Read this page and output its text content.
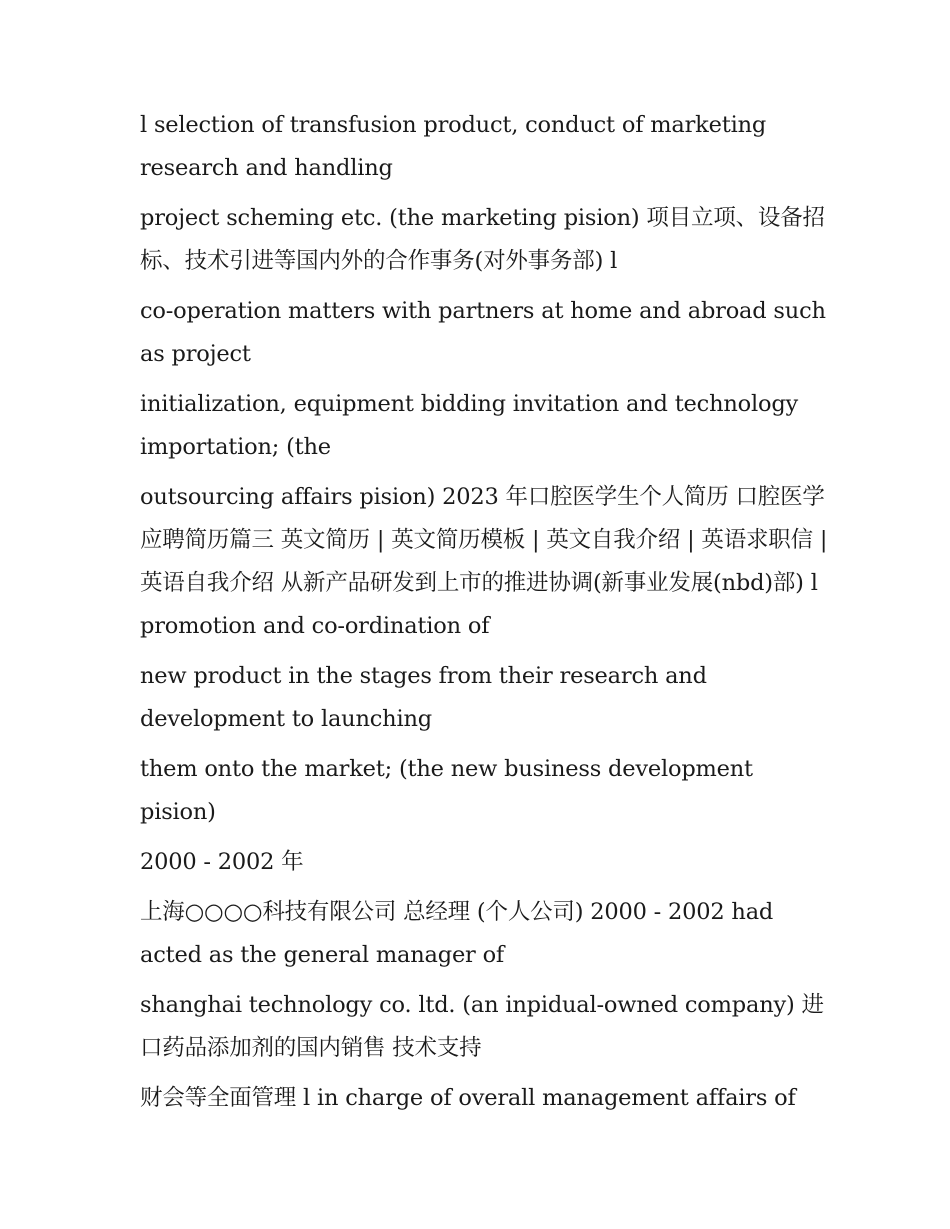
l selection of transfusion product, conduct of marketing research and handling

project scheming etc. (the marketing pision) 项目立项、设备招标、技术引进等国内外的合作事务(对外事务部) l

co-operation matters with partners at home and abroad such as project

initialization, equipment bidding invitation and technology importation; (the

outsourcing affairs pision) 2023 年口腔医学生个人简历 口腔医学应聘简历篇三 英文简历 | 英文简历模板 | 英文自我介绍 | 英语求职信 | 英语自我介绍 从新产品研发到上市的推进协调(新事业发展(nbd)部) l promotion and co-ordination of

new product in the stages from their research and development to launching

them onto the market; (the new business development pision)

2000 - 2002 年

上海○○○○科技有限公司 总经理 (个人公司) 2000 - 2002 had acted as the general manager of

shanghai technology co. ltd. (an inpidual-owned company) 进口药品添加剂的国内销售 技术支持

财会等全面管理 l in charge of overall management affairs of
